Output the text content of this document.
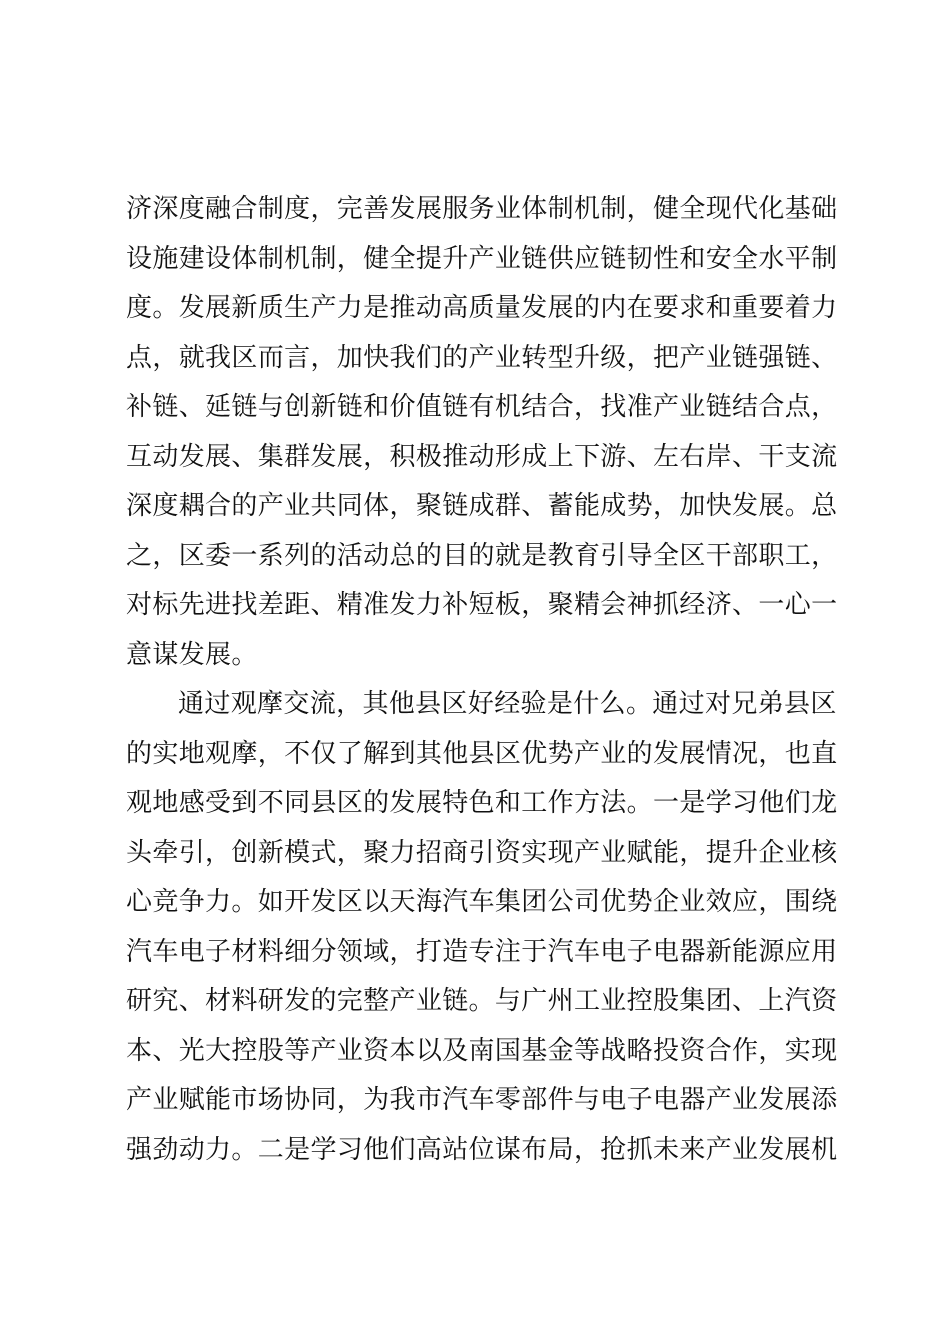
济深度融合制度，完善发展服务业体制机制，健全现代化基础
设施建设体制机制，健全提升产业链供应链韧性和安全水平制
度。发展新质生产力是推动高质量发展的内在要求和重要着力
点，就我区而言，加快我们的产业转型升级，把产业链强链、
补链、延链与创新链和价值链有机结合，找准产业链结合点，
互动发展、集群发展，积极推动形成上下游、左右岸、干支流
深度耦合的产业共同体，聚链成群、蓄能成势，加快发展。总
之，区委一系列的活动总的目的就是教育引导全区干部职工，
对标先进找差距、精准发力补短板，聚精会神抓经济、一心一
意谋发展。
通过观摩交流，其他县区好经验是什么。通过对兄弟县区
的实地观摩，不仅了解到其他县区优势产业的发展情况，也直
观地感受到不同县区的发展特色和工作方法。一是学习他们龙
头牵引，创新模式，聚力招商引资实现产业赋能，提升企业核
心竞争力。如开发区以天海汽车集团公司优势企业效应，围绕
汽车电子材料细分领域，打造专注于汽车电子电器新能源应用
研究、材料研发的完整产业链。与广州工业控股集团、上汽资
本、光大控股等产业资本以及南国基金等战略投资合作，实现
产业赋能市场协同，为我市汽车零部件与电子电器产业发展添
强劲动力。二是学习他们高站位谋布局，抢抓未来产业发展机
